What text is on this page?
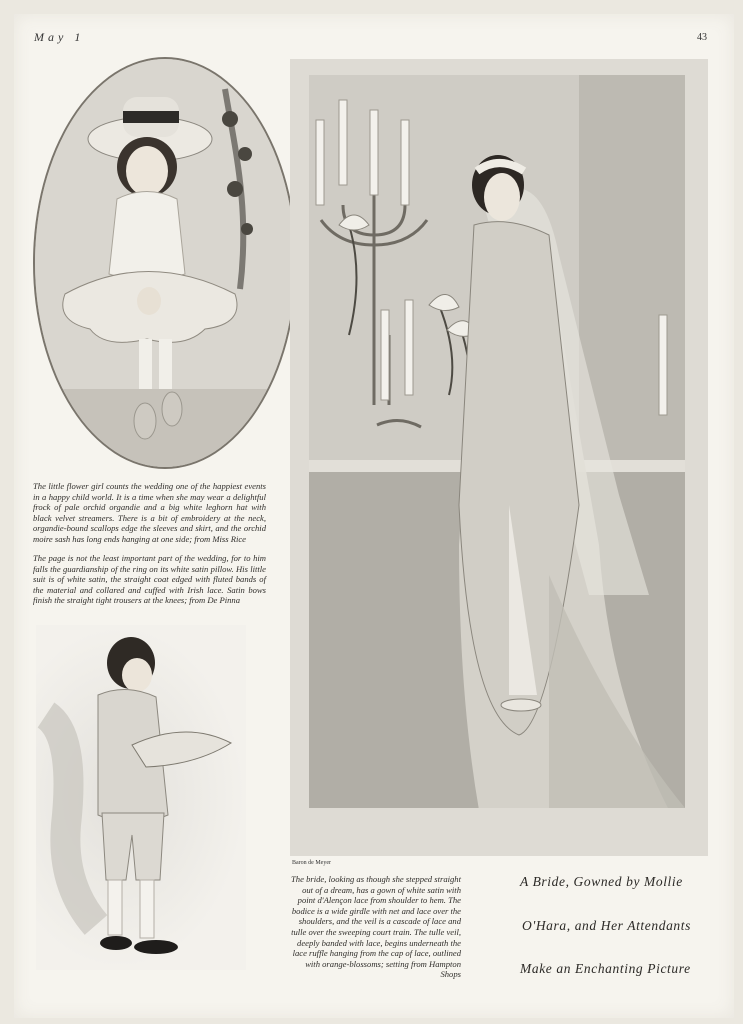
May 1	43
The little flower girl counts the wedding one of the happiest events in a happy child world. It is a time when she may wear a delightful frock of pale orchid organdie and a big white leghorn hat with black velvet streamers. There is a bit of embroidery at the neck, organdie-bound scallops edge the sleeves and skirt, and the orchid moire sash has long ends hanging at one side; from Miss Rice
The page is not the least important part of the wedding, for to him falls the guardianship of the ring on its white satin pillow. His little suit is of white satin, the straight coat edged with fluted bands of the material and collared and cuffed with Irish lace. Satin bows finish the straight tight trousers at the knees; from De Pinna
Baron de Meyer
The bride, looking as though she stepped straight out of a dream, has a gown of white satin with point d'Alençon lace from shoulder to hem. The bodice is a wide girdle with net and lace over the shoulders, and the veil is a cascade of lace and tulle over the sweeping court train. The tulle veil, deeply banded with lace, begins underneath the lace ruffle hanging from the cap of lace, outlined with orange-blossoms; setting from Hampton Shops
A Bride, Gowned by Mollie
O'Hara, and Her Attendants
Make an Enchanting Picture
